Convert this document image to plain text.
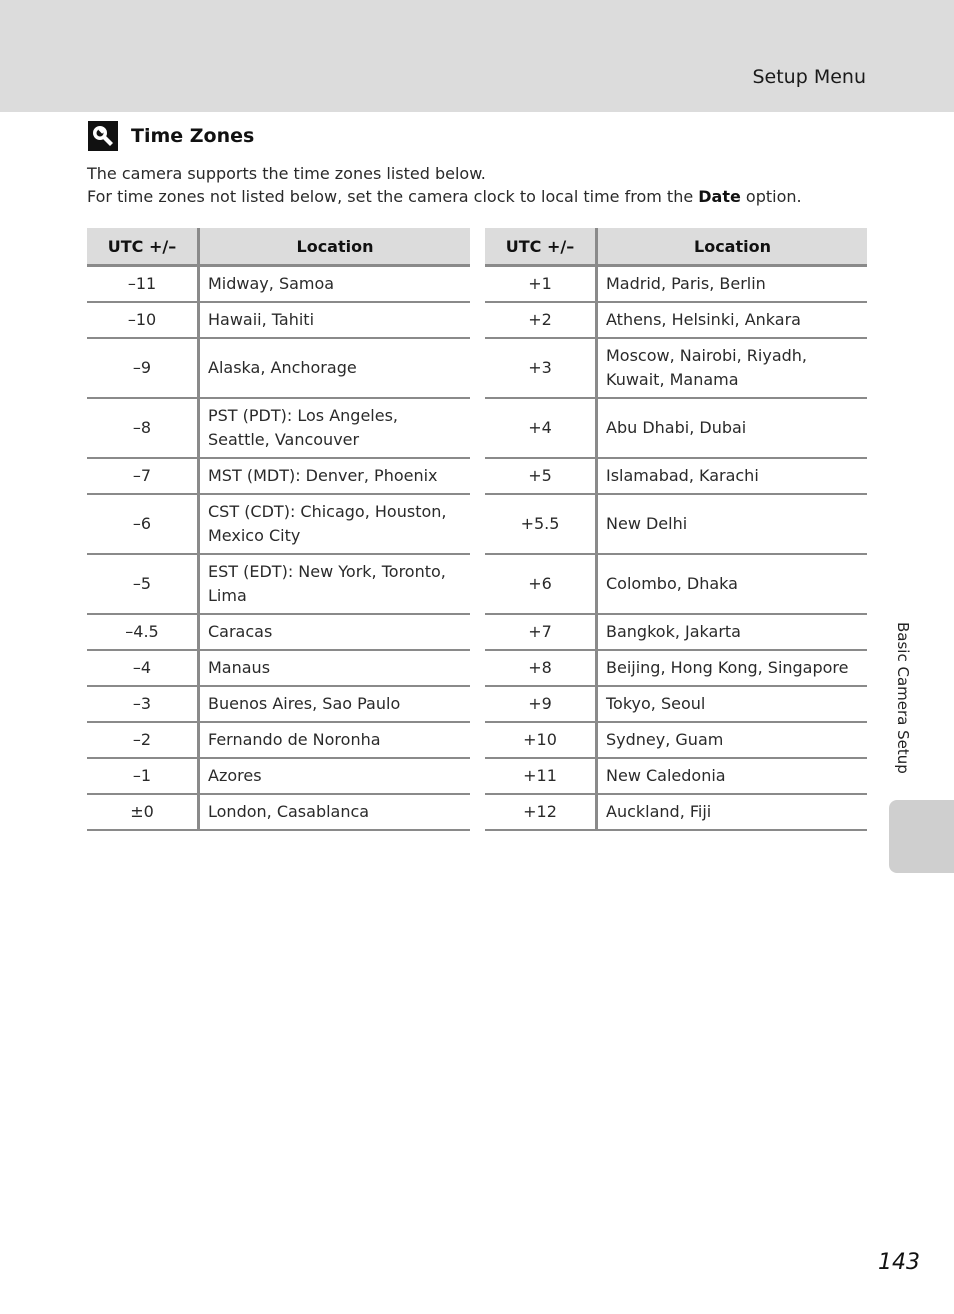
Setup Menu
Time Zones

The camera supports the time zones listed below.

For time zones not listed below, set the camera clock to local time from the Date option.

UTC +/–	Location
–11	Midway, Samoa
–10	Hawaii, Tahiti
–9	Alaska, Anchorage
–8	PST (PDT): Los Angeles, Seattle, Vancouver
–7	MST (MDT): Denver, Phoenix
–6	CST (CDT): Chicago, Houston, Mexico City
–5	EST (EDT): New York, Toronto, Lima
–4.5	Caracas
–4	Manaus
–3	Buenos Aires, Sao Paulo
–2	Fernando de Noronha
–1	Azores
±0	London, Casablanca
UTC +/–	Location
+1	Madrid, Paris, Berlin
+2	Athens, Helsinki, Ankara
+3	Moscow, Nairobi, Riyadh, Kuwait, Manama
+4	Abu Dhabi, Dubai
+5	Islamabad, Karachi
+5.5	New Delhi
+6	Colombo, Dhaka
+7	Bangkok, Jakarta
+8	Beijing, Hong Kong, Singapore
+9	Tokyo, Seoul
+10	Sydney, Guam
+11	New Caledonia
+12	Auckland, Fiji
Basic Camera Setup
143
